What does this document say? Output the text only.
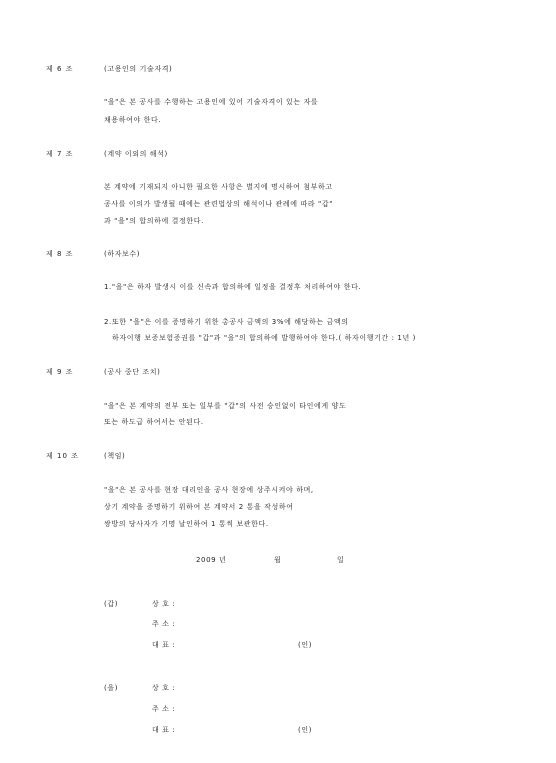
제 6 조	(고용인의 기술자격)
"을"은 본 공사를 수행하는 고용인에 있어 기술자격이 있는 자를
채용하여야 한다.
제 7 조	(계약 이외의 해석)
본 계약에 기재되지 아니한 필요한 사항은 별지에 명시하여 첨부하고
공사를 이의가 발생될 때에는 관련법상의 해석이나 관례에 따라 "갑"
과 "을"의 합의하에 결정한다.
제 8 조	(하자보수)
1."을"은 하자 발생시 이를 신속과 합의하에 일정을 결정후 처리하여야 한다.
2.또한 "을"은 이를 증명하기 위한 총공사 금액의 3%에 해당하는 금액의
하자이행 보증보험증권를 "갑"과 "을"의 합의하에 발행하여야 한다.( 하자이행기간 : 1년 )
제 9 조	(공사 중단 조치)
"을"은 본 계약의 전부 또는 일부를 "갑"의 사전 승인없이 타인에게 양도
또는 하도급 하여서는 안된다.
제 10 조	(책임)
"을"은 본 공사를 현장 대리인을 공사 현장에 상주시켜야 하며,
상기 계약을 증명하기 위하여 본 계약서 2 통을 작성하여
쌍방의 당사자가 기명 날인하여 1 통씩 보관한다.
2009 년	월	일
(갑)	상 호 :
주 소 :
대 표 :	(인)
(을)	상 호 :
주 소 :
대 표 :	(인)
